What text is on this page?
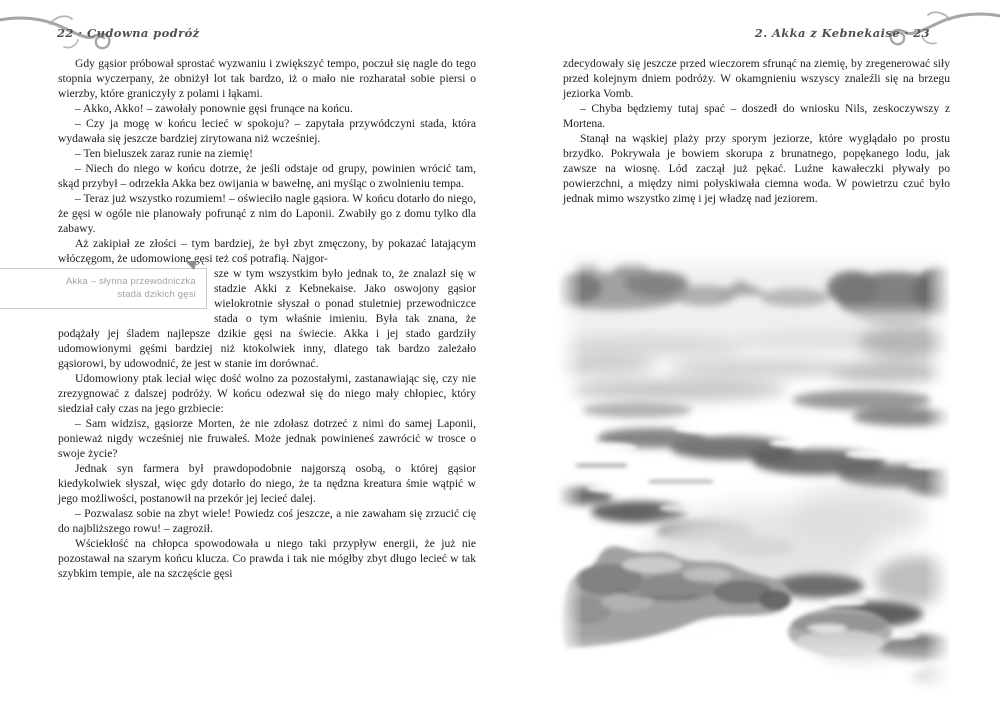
22 · Cudowna podróż

Gdy gąsior próbował sprostać wyzwaniu i zwiększyć tempo, poczuł się nagle do tego stopnia wyczerpany, że obniżył lot tak bardzo, iż o mało nie rozharatał sobie piersi o wierzby, które graniczyły z polami i łąkami.

– Akko, Akko! – zawołały ponownie gęsi frunące na końcu.

– Czy ja mogę w końcu lecieć w spokoju? – zapytała przywódczyni stada, która wydawała się jeszcze bardziej zirytowana niż wcześniej.

– Ten bieluszek zaraz runie na ziemię!

– Niech do niego w końcu dotrze, że jeśli odstaje od grupy, powinien wrócić tam, skąd przybył – odrzekła Akka bez owijania w bawełnę, ani myśląc o zwolnieniu tempa.

– Teraz już wszystko rozumiem! – oświeciło nagle gąsiora. W końcu dotarło do niego, że gęsi w ogóle nie planowały pofrunąć z nim do Laponii. Zwabiły go z domu tylko dla zabawy.

Aż zakipiał ze złości – tym bardziej, że był zbyt zmęczony, by pokazać latającym włóczęgom, że udomowione gęsi też coś potrafią. Najgor-

Akka – słynna przewodniczka
stada dzikich gęsi
sze w tym wszystkim było jednak to, że znalazł się w stadzie Akki z Kebnekaise. Jako oswojony gąsior wielokrotnie słyszał o ponad stuletniej przewodniczce stada o tym właśnie imieniu. Była tak znana, że podążały jej śladem najlepsze dzikie gęsi na świecie. Akka i jej stado gardziły udomowionymi gęśmi bardziej niż ktokolwiek inny, dlatego tak bardzo zależało gąsiorowi, by udowodnić, że jest w stanie im dorównać.

Udomowiony ptak leciał więc dość wolno za pozostałymi, zastanawiając się, czy nie zrezygnować z dalszej podróży. W końcu odezwał się do niego mały chłopiec, który siedział cały czas na jego grzbiecie:

– Sam widzisz, gąsiorze Morten, że nie zdołasz dotrzeć z nimi do samej Laponii, ponieważ nigdy wcześniej nie fruwałeś. Może jednak powinieneś zawrócić w trosce o swoje życie?

Jednak syn farmera był prawdopodobnie najgorszą osobą, o której gąsior kiedykolwiek słyszał, więc gdy dotarło do niego, że ta nędzna kreatura śmie wątpić w jego możliwości, postanowił na przekór jej lecieć dalej.

– Pozwalasz sobie na zbyt wiele! Powiedz coś jeszcze, a nie zawaham się zrzucić cię do najbliższego rowu! – zagroził.

Wściekłość na chłopca spowodowała u niego taki przypływ energii, że już nie pozostawał na szarym końcu klucza. Co prawda i tak nie mógłby zbyt długo lecieć w tak szybkim tempie, ale na szczęście gęsi

2. Akka z Kebnekaise · 23

zdecydowały się jeszcze przed wieczorem sfrunąć na ziemię, by zregenerować siły przed kolejnym dniem podróży. W okamgnieniu wszyscy znaleźli się na brzegu jeziorka Vomb.

– Chyba będziemy tutaj spać – doszedł do wniosku Nils, zeskoczywszy z Mortena.

Stanął na wąskiej plaży przy sporym jeziorze, które wyglądało po prostu brzydko. Pokrywała je bowiem skorupa z brunatnego, popękanego lodu, jak zawsze na wiosnę. Lód zaczął już pękać. Luźne kawałeczki pływały po powierzchni, a między nimi połyskiwała ciemna woda. W powietrzu czuć było jednak mimo wszystko zimę i jej władzę nad jeziorem.
